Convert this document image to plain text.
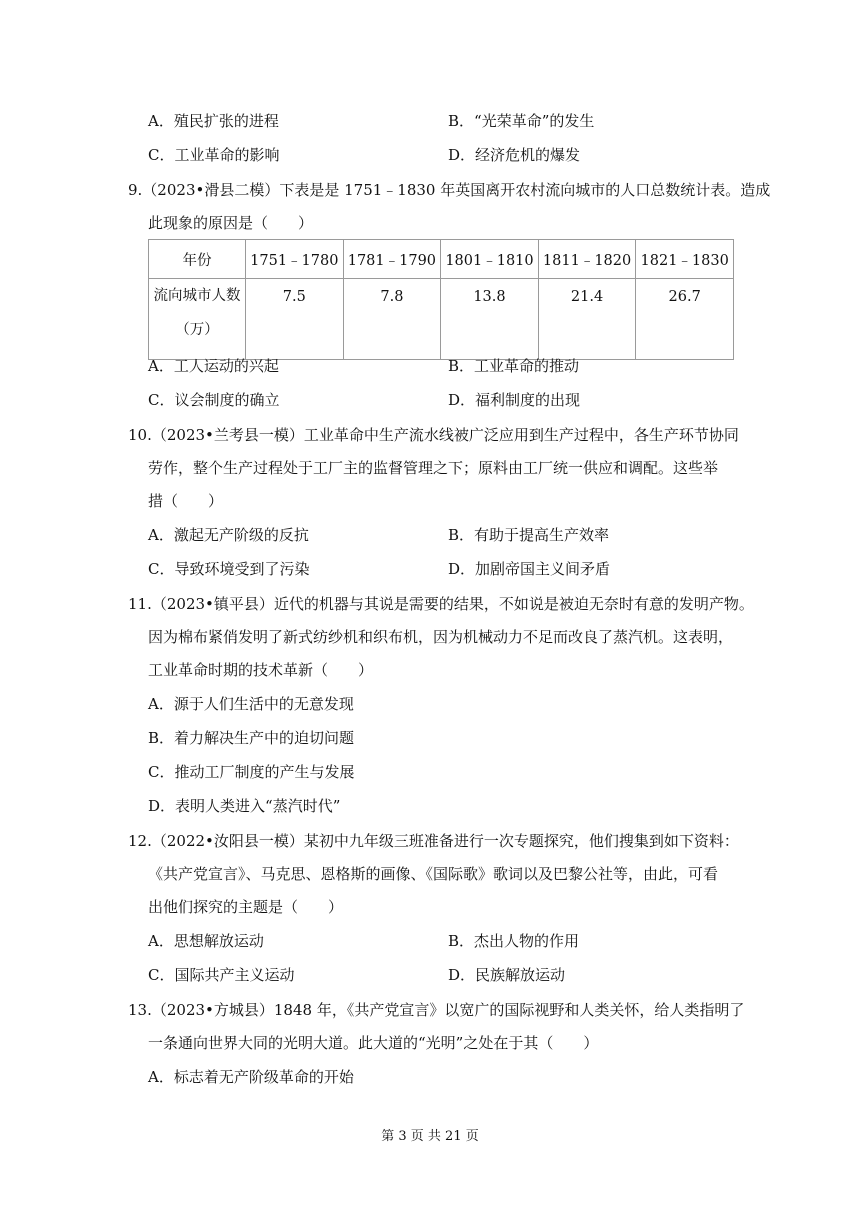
A．殖民扩张的进程	B．“光荣革命”的发生
C．工业革命的影响	D．经济危机的爆发
9.（2023•滑县二模）下表是是 1751﹣1830 年英国离开农村流向城市的人口总数统计表。造成
此现象的原因是（　　）
年份	1751﹣1780	1781﹣1790	1801﹣1810	1811﹣1820	1821﹣1830

流向城市人数
（万）	7.5	7.8	13.8	21.4	26.7
A．工人运动的兴起	B．工业革命的推动
C．议会制度的确立	D．福利制度的出现
10.（2023•兰考县一模）工业革命中生产流水线被广泛应用到生产过程中，各生产环节协同
劳作，整个生产过程处于工厂主的监督管理之下；原料由工厂统一供应和调配。这些举
措（　　）
A．激起无产阶级的反抗	B．有助于提高生产效率
C．导致环境受到了污染	D．加剧帝国主义间矛盾
11.（2023•镇平县）近代的机器与其说是需要的结果，不如说是被迫无奈时有意的发明产物。
因为棉布紧俏发明了新式纺纱机和织布机，因为机械动力不足而改良了蒸汽机。这表明，
工业革命时期的技术革新（　　）
A．源于人们生活中的无意发现
B．着力解决生产中的迫切问题
C．推动工厂制度的产生与发展
D．表明人类进入“蒸汽时代”
12.（2022•汝阳县一模）某初中九年级三班准备进行一次专题探究，他们搜集到如下资料：
《共产党宣言》、马克思、恩格斯的画像、《国际歌》歌词以及巴黎公社等，由此，可看
出他们探究的主题是（　　）
A．思想解放运动	B．杰出人物的作用
C．国际共产主义运动	D．民族解放运动
13.（2023•方城县）1848 年，《共产党宣言》以宽广的国际视野和人类关怀，给人类指明了
一条通向世界大同的光明大道。此大道的“光明”之处在于其（　　）
A．标志着无产阶级革命的开始
第 3 页 共 21 页
